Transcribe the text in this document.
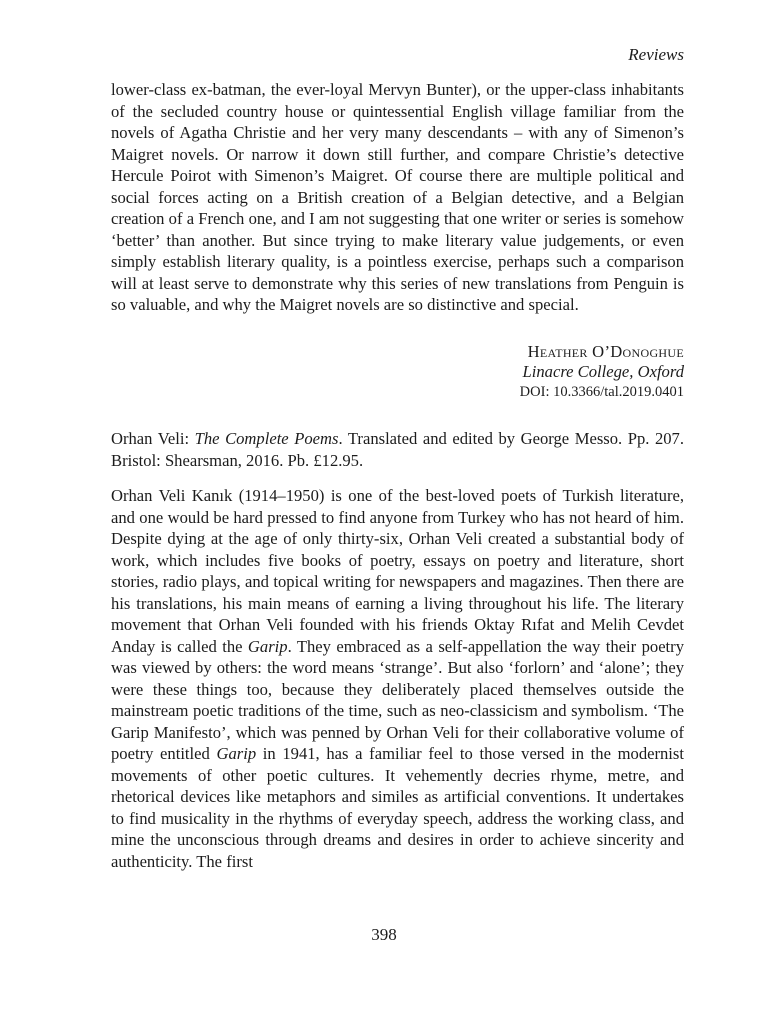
Reviews

lower-class ex-batman, the ever-loyal Mervyn Bunter), or the upper-class inhabitants of the secluded country house or quintessential English village familiar from the novels of Agatha Christie and her very many descendants – with any of Simenon’s Maigret novels. Or narrow it down still further, and compare Christie’s detective Hercule Poirot with Simenon’s Maigret. Of course there are multiple political and social forces acting on a British creation of a Belgian detective, and a Belgian creation of a French one, and I am not suggesting that one writer or series is somehow ‘better’ than another. But since trying to make literary value judgements, or even simply establish literary quality, is a pointless exercise, perhaps such a comparison will at least serve to demonstrate why this series of new translations from Penguin is so valuable, and why the Maigret novels are so distinctive and special.

Heather O’Donoghue
Linacre College, Oxford
DOI: 10.3366/tal.2019.0401

Orhan Veli: The Complete Poems. Translated and edited by George Messo. Pp. 207. Bristol: Shearsman, 2016. Pb. £12.95.

Orhan Veli Kanık (1914–1950) is one of the best-loved poets of Turkish literature, and one would be hard pressed to find anyone from Turkey who has not heard of him. Despite dying at the age of only thirty-six, Orhan Veli created a substantial body of work, which includes five books of poetry, essays on poetry and literature, short stories, radio plays, and topical writing for newspapers and magazines. Then there are his translations, his main means of earning a living throughout his life. The literary movement that Orhan Veli founded with his friends Oktay Rıfat and Melih Cevdet Anday is called the Garip. They embraced as a self-appellation the way their poetry was viewed by others: the word means ‘strange’. But also ‘forlorn’ and ‘alone’; they were these things too, because they deliberately placed themselves outside the mainstream poetic traditions of the time, such as neo-classicism and symbolism. ‘The Garip Manifesto’, which was penned by Orhan Veli for their collaborative volume of poetry entitled Garip in 1941, has a familiar feel to those versed in the modernist movements of other poetic cultures. It vehemently decries rhyme, metre, and rhetorical devices like metaphors and similes as artificial conventions. It undertakes to find musicality in the rhythms of everyday speech, address the working class, and mine the unconscious through dreams and desires in order to achieve sincerity and authenticity. The first

398
